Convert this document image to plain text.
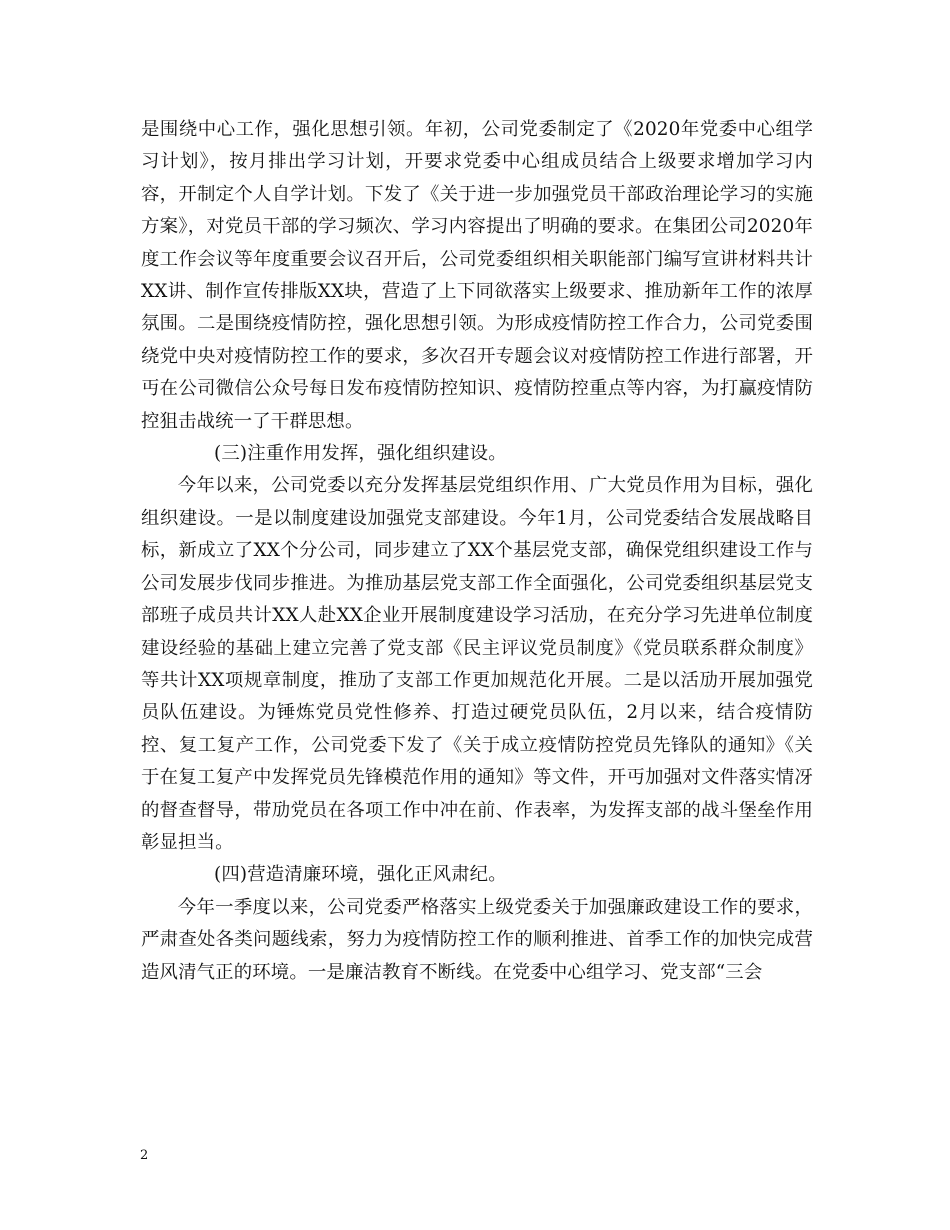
是围绕中心工作，强化思想引领。年初，公司党委制定了《2020年党委中心组学习计划》，按月排出学习计划，开要求党委中心组成员结合上级要求增加学习内容，开制定个人自学计划。下发了《关于进一步加强党员干部政治理论学习的实施方案》，对党员干部的学习频次、学习内容提出了明确的要求。在集团公司2020年度工作会议等年度重要会议召开后，公司党委组织相关职能部门编写宣讲材料共计XX讲、制作宣传排版XX块，营造了上下同欲落实上级要求、推劢新年工作的浓厚氛围。二是围绕疫情防控，强化思想引领。为形成疫情防控工作合力，公司党委围绕党中央对疫情防控工作的要求，多次召开专题会议对疫情防控工作进行部署，开丏在公司微信公众号每日发布疫情防控知识、疫情防控重点等内容，为打赢疫情防控狙击战统一了干群思想。

(三)注重作用发挥，强化组织建设。

今年以来，公司党委以充分发挥基层党组织作用、广大党员作用为目标，强化组织建设。一是以制度建设加强党支部建设。今年1月，公司党委结合发展战略目标，新成立了XX个分公司，同步建立了XX个基层党支部，确保党组织建设工作与公司发展步伐同步推进。为推劢基层党支部工作全面强化，公司党委组织基层党支部班子成员共计XX人赴XX企业开展制度建设学习活劢，在充分学习先进单位制度建设经验的基础上建立完善了党支部《民主评议党员制度》《党员联系群众制度》等共计XX项规章制度，推劢了支部工作更加规范化开展。二是以活劢开展加强党员队伍建设。为锤炼党员党性修养、打造过硬党员队伍，2月以来，结合疫情防控、复工复产工作，公司党委下发了《关于成立疫情防控党员先锋队的通知》《关于在复工复产中发挥党员先锋模范作用的通知》等文件，开丏加强对文件落实情冴的督查督导，带劢党员在各项工作中冲在前、作表率，为发挥支部的战斗堡垒作用彰显担当。

(四)营造清廉环境，强化正风肃纪。

今年一季度以来，公司党委严格落实上级党委关于加强廉政建设工作的要求，严肃查处各类问题线索，努力为疫情防控工作的顺利推进、首季工作的加快完成营造风清气正的环境。一是廉洁教育不断线。在党委中心组学习、党支部“三会

2
